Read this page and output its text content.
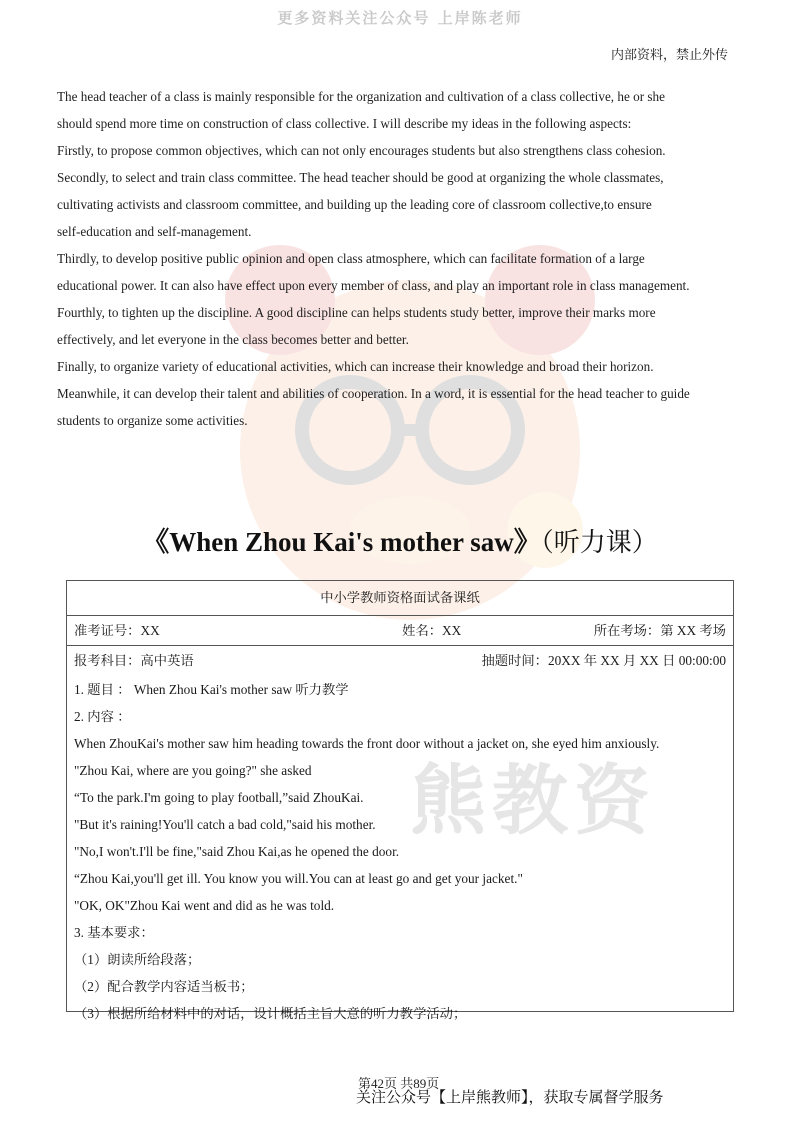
更多资料关注公众号 上岸陈老师
内部资料，禁止外传
熊教资

The head teacher of a class is mainly responsible for the organization and cultivation of a class collective, he or she

should spend more time on construction of class collective. I will describe my ideas in the following aspects:

Firstly, to propose common objectives, which can not only encourages students but also strengthens class cohesion.

Secondly, to select and train class committee. The head teacher should be good at organizing the whole classmates,

cultivating activists and classroom committee, and building up the leading core of classroom collective,to ensure

self-education and self-management.

Thirdly, to develop positive public opinion and open class atmosphere, which can facilitate formation of a large

educational power. It can also have effect upon every member of class, and play an important role in class management.

Fourthly, to tighten up the discipline. A good discipline can helps students study better, improve their marks more

effectively, and let everyone in the class becomes better and better.

Finally, to organize variety of educational activities, which can increase their knowledge and broad their horizon.

Meanwhile, it can develop their talent and abilities of cooperation. In a word, it is essential for the head teacher to guide

students to organize some activities.

《When Zhou Kai's mother saw》（听力课）
中小学教师资格面试备课纸
准考证号：XX	姓名：XX	所在考场：第 XX 考场
报考科目：高中英语	抽题时间：20XX 年 XX 月 XX 日 00:00:00
1. 题目 ： When Zhou Kai's mother saw 听力教学
2. 内容 ：
When ZhouKai's mother saw him heading towards the front door without a jacket on, she eyed him anxiously.
"Zhou Kai, where are you going?" she asked
“To the park.I'm going to play football,”said ZhouKai.
"But it's raining!You'll catch a bad cold,"said his mother.
"No,I won't.I'll be fine,"said Zhou Kai,as he opened the door.
“Zhou Kai,you'll get ill. You know you will.You can at least go and get your jacket."
"OK, OK"Zhou Kai went and did as he was told.
3. 基本要求：
（1）朗读所给段落；
（2）配合教学内容适当板书；
（3）根据所给材料中的对话，设计概括主旨大意的听力教学活动；
第42页 共89页
关注公众号【上岸熊教师】，获取专属督学服务
